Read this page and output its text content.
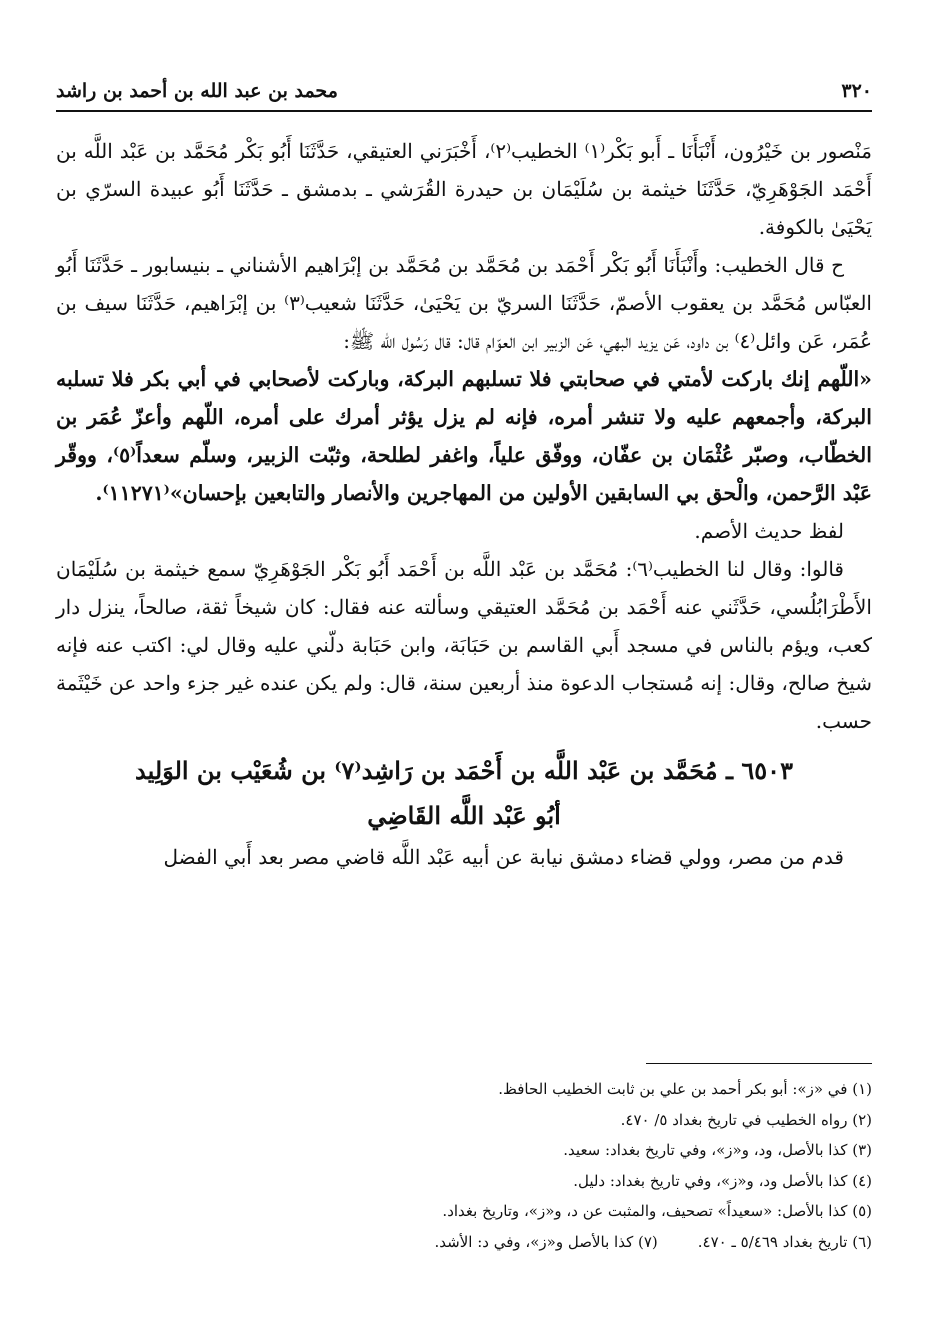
٣٢٠
محمد بن عبد الله بن أحمد بن راشد

مَنْصور بن خَيْرُون، أَنْبَأَنَا ـ أَبو بَكْر⁽١⁾ الخطيب⁽٢⁾، أَخْبَرَني العتيقي، حَدَّثَنَا أَبُو بَكْر مُحَمَّد بن عَبْد اللَّه بن أَحْمَد الجَوْهَرِيّ، حَدَّثَنَا خيثمة بن سُلَيْمَان بن حيدرة القُرَشي ـ بدمشق ـ حَدَّثَنَا أَبُو عبيدة السرّي بن يَحْيَىٰ بالكوفة.

ح قال الخطيب: وأَنْبَأَنَا أَبُو بَكْر أَحْمَد بن مُحَمَّد بن مُحَمَّد بن إبْرَاهيم الأشناني ـ بنيسابور ـ حَدَّثَنَا أَبُو العبّاس مُحَمَّد بن يعقوب الأصمّ، حَدَّثَنَا السريّ بن يَحْيَىٰ، حَدَّثَنَا شعيب⁽٣⁾ بن إبْرَاهيم، حَدَّثَنَا سيف بن عُمَر، عَن وائل⁽٤⁾ بن داود، عَن يزيد البهي، عَن الزبير ابن العوّام قال: قال رَسُول الله ﷺ:

«اللّهم إنك باركت لأمتي في صحابتي فلا تسلبهم البركة، وباركت لأصحابي في أبي بكر فلا تسلبه البركة، وأجمعهم عليه ولا تنشر أمره، فإنه لم يزل يؤثر أمرك على أمره، اللّهم وأعزّ عُمَر بن الخطّاب، وصبّر عُثْمَان بن عفّان، ووفّق علياً، واغفر لطلحة، وثبّت الزبير، وسلّم سعداً⁽٥⁾، ووقّر عَبْد الرَّحمن، والْحق بي السابقين الأولين من المهاجرين والأنصار والتابعين بإحسان»⁽١١٢٧١⁾.

لفظ حديث الأصم.

قالوا: وقال لنا الخطيب⁽٦⁾: مُحَمَّد بن عَبْد اللَّه بن أَحْمَد أَبُو بَكْر الجَوْهَرِيّ سمع خيثمة بن سُلَيْمَان الأَطْرَابُلُسي، حَدَّثَني عنه أَحْمَد بن مُحَمَّد العتيقي وسألته عنه فقال: كان شيخاً ثقة، صالحاً، ينزل دار كعب، ويؤم بالناس في مسجد أَبي القاسم بن حَبَابَة، وابن حَبَابة دلّني عليه وقال لي: اكتب عنه فإنه شيخ صالح، وقال: إنه مُستجاب الدعوة منذ أربعين سنة، قال: ولم يكن عنده غير جزء واحد عن خَيْثَمة حسب.

٦٥٠٣ ـ مُحَمَّد بن عَبْد اللَّه بن أَحْمَد بن رَاشِد⁽٧⁾ بن شُعَيْب بن الوَلِيد
أبُو عَبْد اللَّه القَاضِي

قدم من مصر، وولي قضاء دمشق نيابة عن أبيه عَبْد اللَّه قاضي مصر بعد أَبي الفضل

(١) في «ز»: أبو بكر أحمد بن علي بن ثابت الخطيب الحافظ.
(٢) رواه الخطيب في تاريخ بغداد ٥/ ٤٧٠.
(٣) كذا بالأصل، ود، و«ز»، وفي تاريخ بغداد: سعيد.
(٤) كذا بالأصل ود، و«ز»، وفي تاريخ بغداد: دليل.
(٥) كذا بالأصل: «سعيداً» تصحيف، والمثبت عن د، و«ز»، وتاريخ بغداد.
(٦) تاريخ بغداد ٥/٤٦٩ ـ ٤٧٠.
(٧) كذا بالأصل و«ز»، وفي د: الأشد.
